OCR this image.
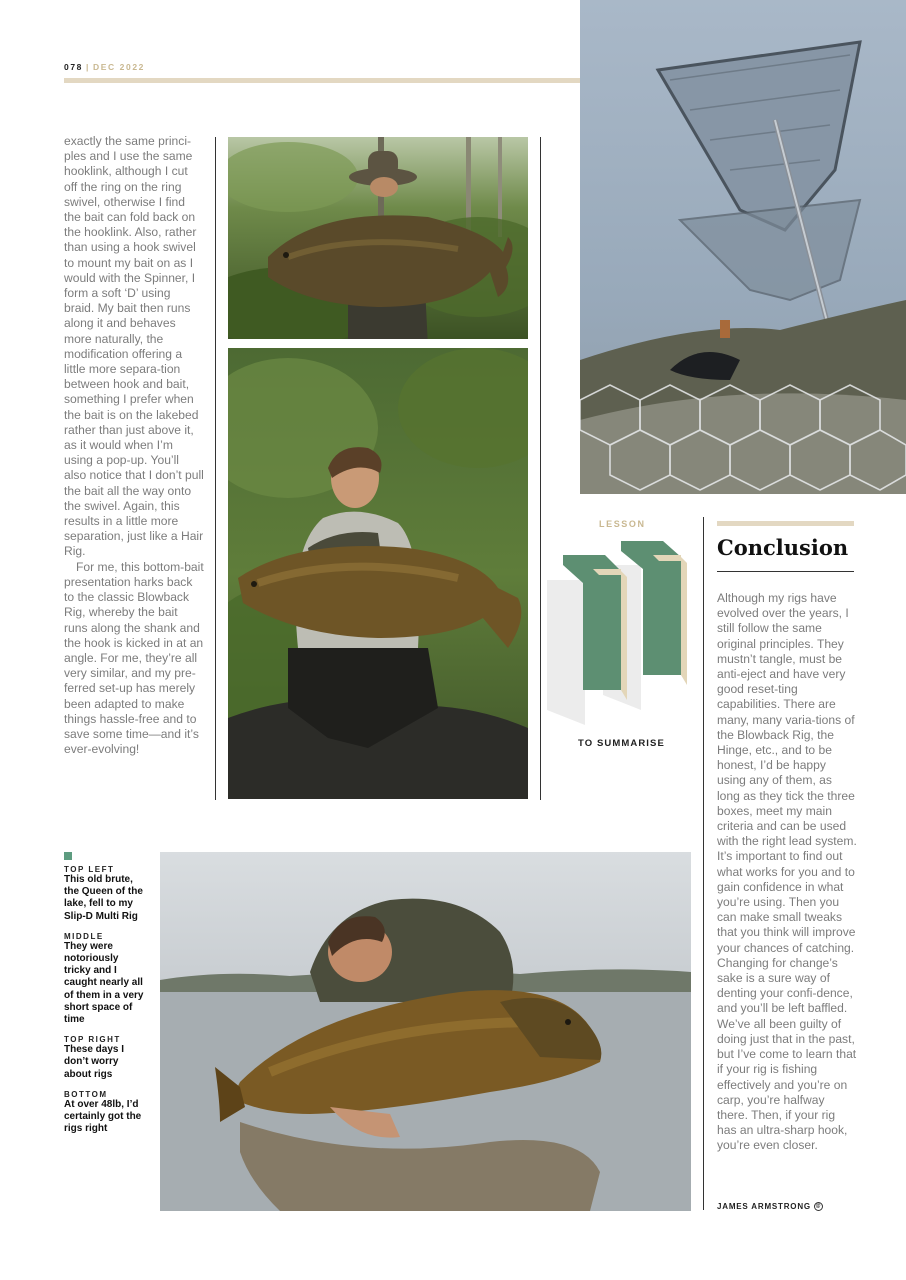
078 | DEC 2022

exactly the same princi-ples and I use the same hooklink, although I cut off the ring on the ring swivel, otherwise I find the bait can fold back on the hooklink. Also, rather than using a hook swivel to mount my bait on as I would with the Spinner, I form a soft ‘D’ using braid. My bait then runs along it and behaves more naturally, the modification offering a little more separa-tion between hook and bait, something I prefer when the bait is on the lakebed rather than just above it, as it would when I’m using a pop-up. You’ll also notice that I don’t pull the bait all the way onto the swivel. Again, this results in a little more separation, just like a Hair Rig.

For me, this bottom-bait presentation harks back to the classic Blowback Rig, whereby the bait runs along the shank and the hook is kicked in at an angle. For me, they’re all very similar, and my pre-ferred set-up has merely been adapted to make things hassle-free and to save some time—and it’s ever-evolving!

LESSON
TO SUMMARISE
Conclusion

Although my rigs have evolved over the years, I still follow the same original principles. They mustn’t tangle, must be anti-eject and have very good reset-ting capabilities. There are many, many varia-tions of the Blowback Rig, the Hinge, etc., and to be honest, I’d be happy using any of them, as long as they tick the three boxes, meet my main criteria and can be used with the right lead system. It’s important to find out what works for you and to gain confidence in what you’re using. Then you can make small tweaks that you think will improve your chances of catching. Changing for change’s sake is a sure way of denting your confi-dence, and you’ll be left baffled. We’ve all been guilty of doing just that in the past, but I’ve come to learn that if your rig is fishing effectively and you’re on carp, you’re halfway there. Then, if your rig has an ultra-sharp hook, you’re even closer.

JAMES ARMSTRONG @
TOP LEFT
This old brute, the Queen of the lake, fell to my Slip-D Multi Rig
MIDDLE
They were notoriously tricky and I caught nearly all of them in a very short space of time
TOP RIGHT
These days I don’t worry about rigs
BOTTOM
At over 48lb, I’d certainly got the rigs right
